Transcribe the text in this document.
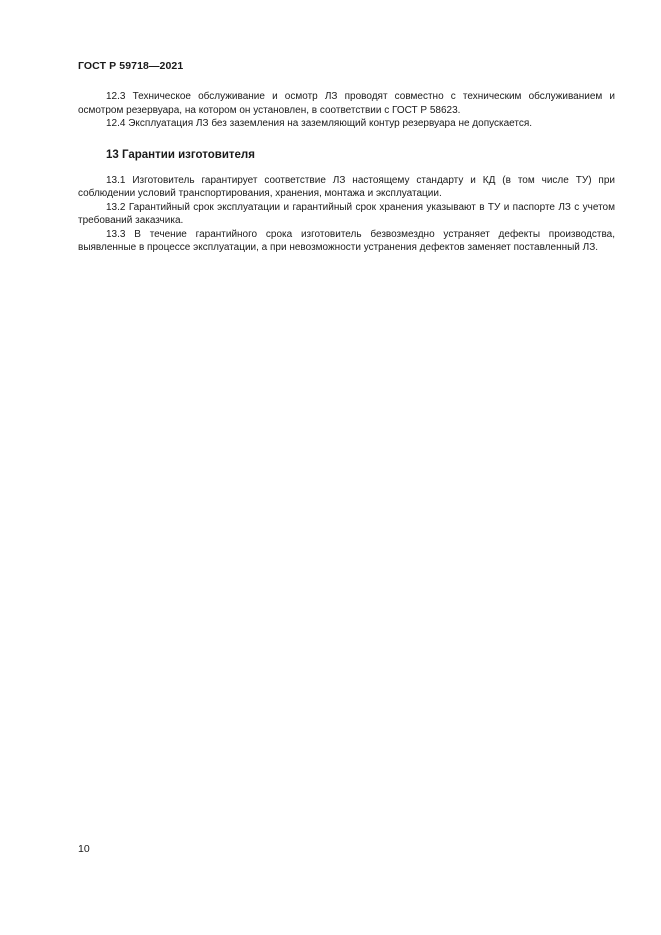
ГОСТ Р 59718—2021

12.3 Техническое обслуживание и осмотр ЛЗ проводят совместно с техническим обслуживанием и осмотром резервуара, на котором он установлен, в соответствии с ГОСТ Р 58623.

12.4 Эксплуатация ЛЗ без заземления на заземляющий контур резервуара не допускается.

13 Гарантии изготовителя

13.1 Изготовитель гарантирует соответствие ЛЗ настоящему стандарту и КД (в том числе ТУ) при соблюдении условий транспортирования, хранения, монтажа и эксплуатации.

13.2 Гарантийный срок эксплуатации и гарантийный срок хранения указывают в ТУ и паспорте ЛЗ с учетом требований заказчика.

13.3 В течение гарантийного срока изготовитель безвозмездно устраняет дефекты производства, выявленные в процессе эксплуатации, а при невозможности устранения дефектов заменяет поставленный ЛЗ.

10
